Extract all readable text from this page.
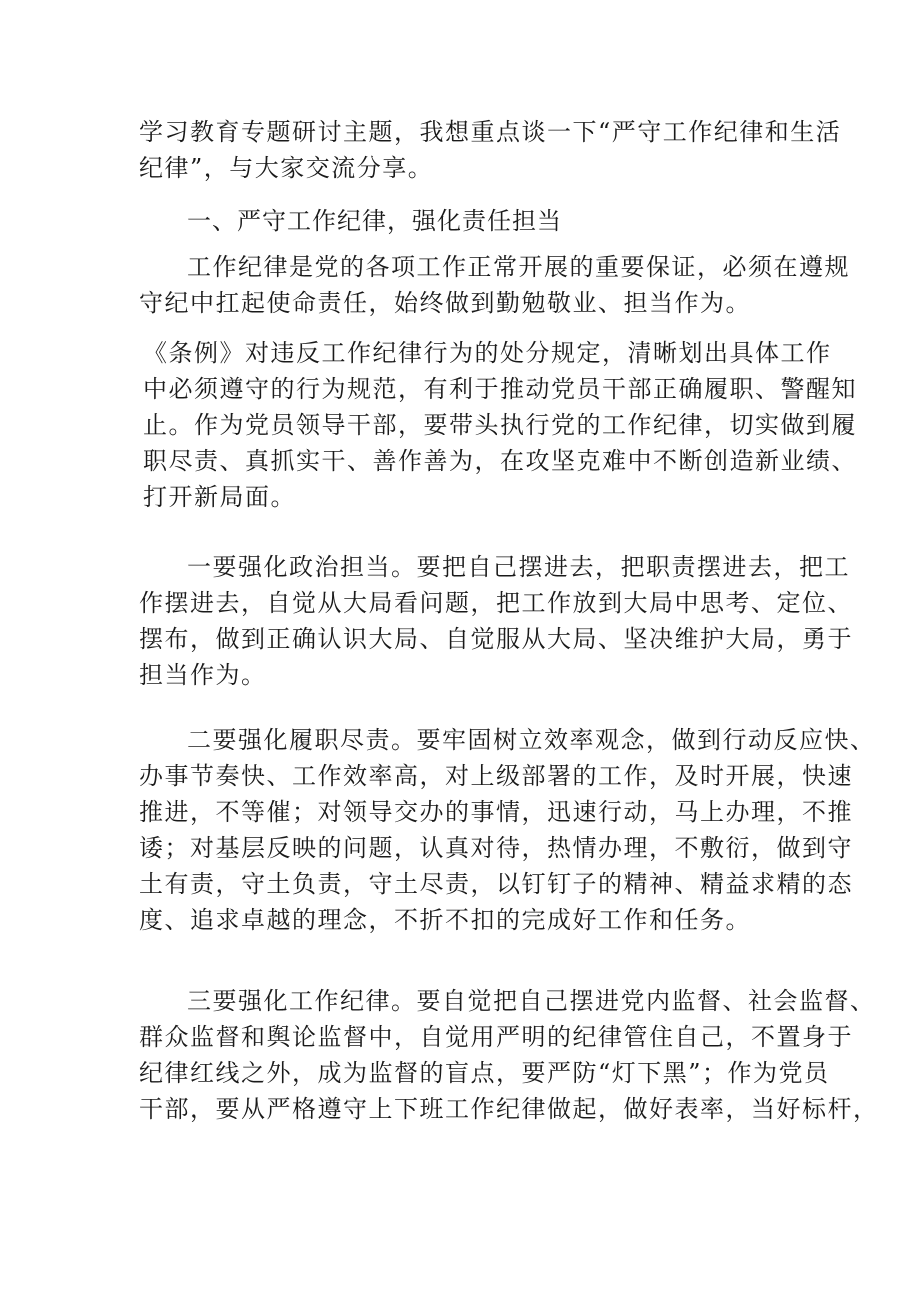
学习教育专题研讨主题，我想重点谈一下“严守工作纪律和生活
纪律”，与大家交流分享。
一、严守工作纪律，强化责任担当
工作纪律是党的各项工作正常开展的重要保证，必须在遵规
守纪中扛起使命责任，始终做到勤勉敬业、担当作为。
《条例》对违反工作纪律行为的处分规定，清晰划出具体工作
中必须遵守的行为规范，有利于推动党员干部正确履职、警醒知
止。作为党员领导干部，要带头执行党的工作纪律，切实做到履
职尽责、真抓实干、善作善为，在攻坚克难中不断创造新业绩、
打开新局面。
一要强化政治担当。要把自己摆进去，把职责摆进去，把工
作摆进去，自觉从大局看问题，把工作放到大局中思考、定位、
摆布，做到正确认识大局、自觉服从大局、坚决维护大局，勇于
担当作为。
二要强化履职尽责。要牢固树立效率观念，做到行动反应快、
办事节奏快、工作效率高，对上级部署的工作，及时开展，快速
推进，不等催；对领导交办的事情，迅速行动，马上办理，不推
诿；对基层反映的问题，认真对待，热情办理，不敷衍，做到守
土有责，守土负责，守土尽责，以钉钉子的精神、精益求精的态
度、追求卓越的理念，不折不扣的完成好工作和任务。
三要强化工作纪律。要自觉把自己摆进党内监督、社会监督、
群众监督和舆论监督中，自觉用严明的纪律管住自己，不置身于
纪律红线之外，成为监督的盲点，要严防“灯下黑”；作为党员
干部，要从严格遵守上下班工作纪律做起，做好表率，当好标杆，
